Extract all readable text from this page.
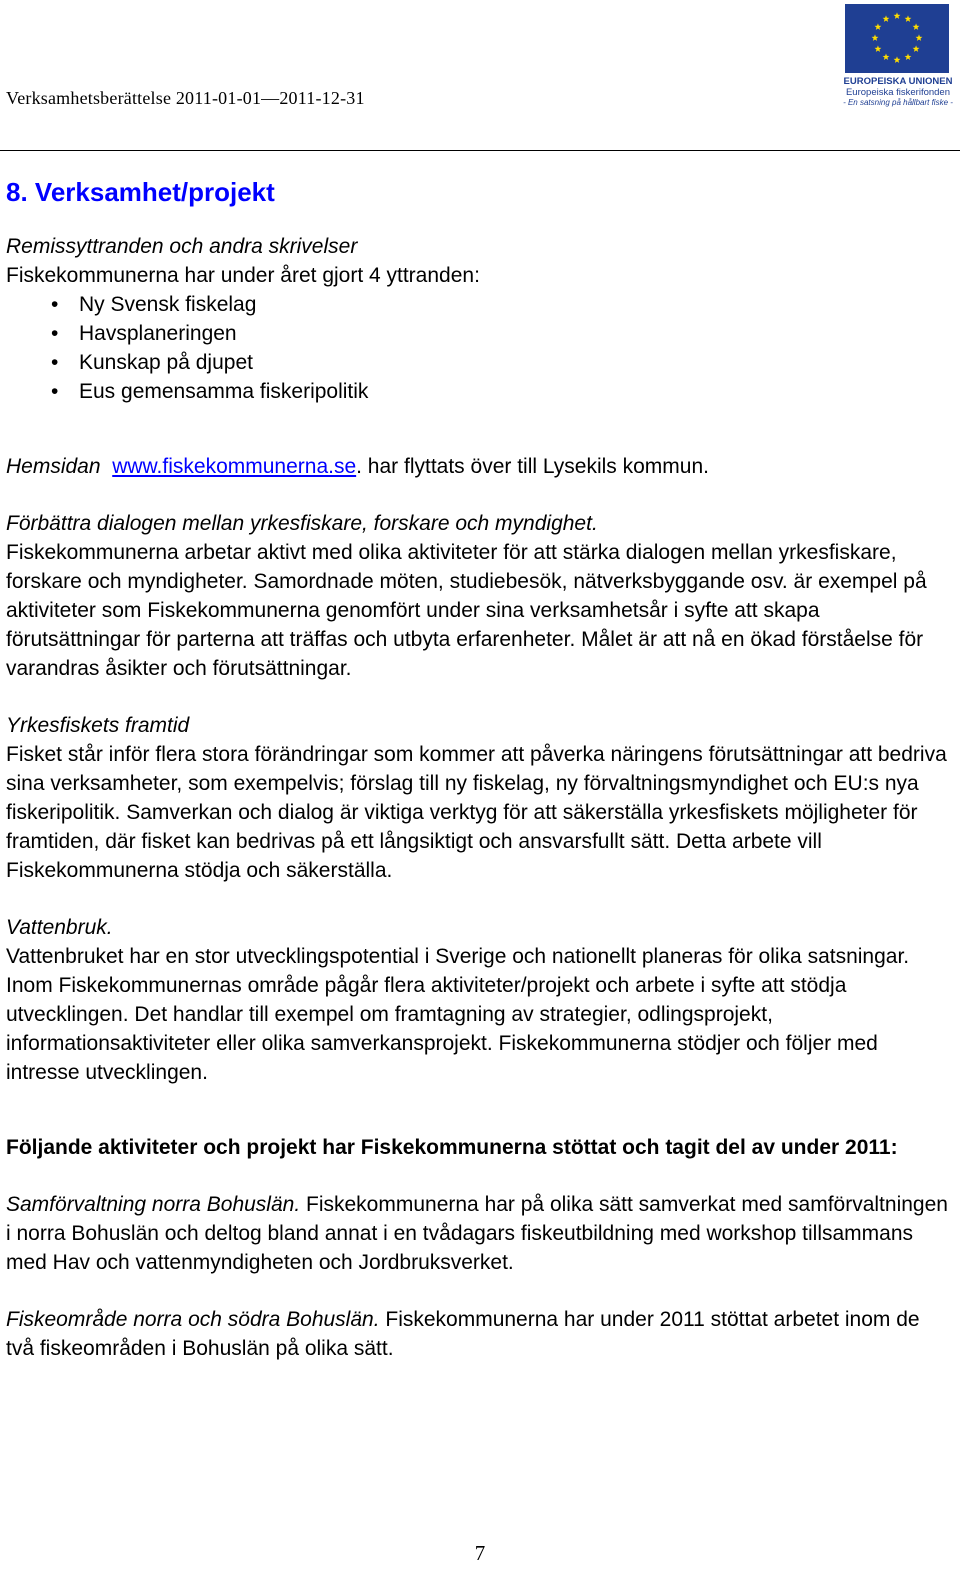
Verksamhetsberättelse 2011-01-01—2011-12-31
EUROPEISKA UNIONEN
Europeiska fiskerifonden
- En satsning på hållbart fiske -
8. Verksamhet/projekt

Remissyttranden och andra skrivelser

Fiskekommunerna har under året gjort 4 yttranden:

• Ny Svensk fiskelag
• Havsplaneringen
• Kunskap på djupet
• Eus gemensamma fiskeripolitik

Hemsidan www.fiskekommunerna.se. har flyttats över till Lysekils kommun.

Förbättra dialogen mellan yrkesfiskare, forskare och myndighet.

Fiskekommunerna arbetar aktivt med olika aktiviteter för att stärka dialogen mellan yrkesfiskare, forskare och myndigheter. Samordnade möten, studiebesök, nätverksbyggande osv. är exempel på aktiviteter som Fiskekommunerna genomfört under sina verksamhetsår i syfte att skapa förutsättningar för parterna att träffas och utbyta erfarenheter. Målet är att nå en ökad förståelse för varandras åsikter och förutsättningar.

Yrkesfiskets framtid

Fisket står inför flera stora förändringar som kommer att påverka näringens förutsättningar att bedriva sina verksamheter, som exempelvis; förslag till ny fiskelag, ny förvaltningsmyndighet och EU:s nya fiskeripolitik. Samverkan och dialog är viktiga verktyg för att säkerställa yrkesfiskets möjligheter för framtiden, där fisket kan bedrivas på ett långsiktigt och ansvarsfullt sätt. Detta arbete vill Fiskekommunerna stödja och säkerställa.

Vattenbruk.

Vattenbruket har en stor utvecklingspotential i Sverige och nationellt planeras för olika satsningar. Inom Fiskekommunernas område pågår flera aktiviteter/projekt och arbete i syfte att stödja utvecklingen. Det handlar till exempel om framtagning av strategier, odlingsprojekt, informationsaktiviteter eller olika samverkansprojekt. Fiskekommunerna stödjer och följer med intresse utvecklingen.

Följande aktiviteter och projekt har Fiskekommunerna stöttat och tagit del av under 2011:

Samförvaltning norra Bohuslän. Fiskekommunerna har på olika sätt samverkat med samförvaltningen i norra Bohuslän och deltog bland annat i en tvådagars fiskeutbildning med workshop tillsammans med Hav och vattenmyndigheten och Jordbruksverket.

Fiskeområde norra och södra Bohuslän. Fiskekommunerna har under 2011 stöttat arbetet inom de två fiskeområden i Bohuslän på olika sätt.

7
